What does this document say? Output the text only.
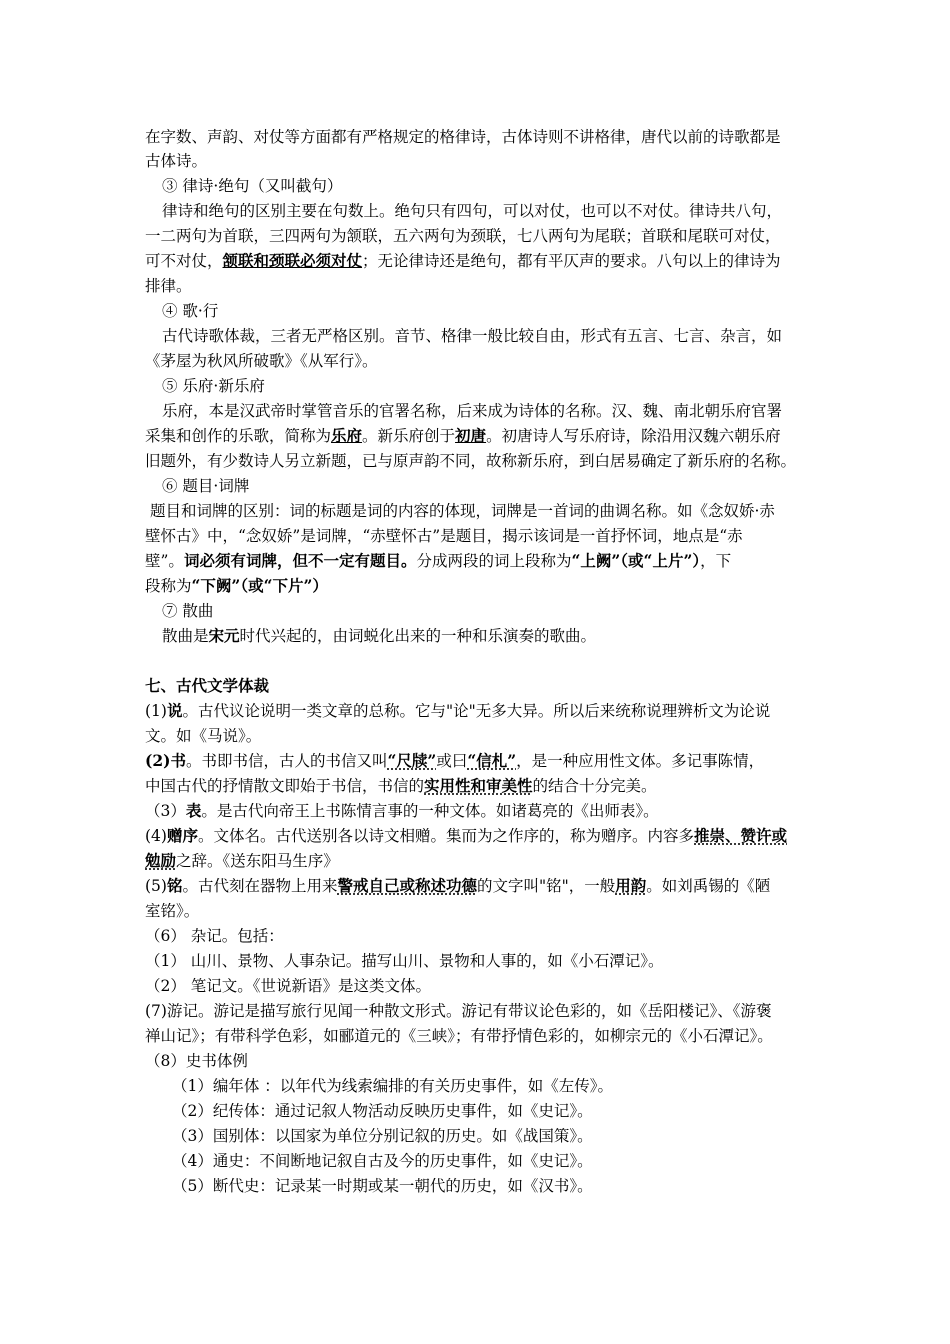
在字数、声韵、对仗等方面都有严格规定的格律诗，古体诗则不讲格律，唐代以前的诗歌都是
古体诗。
③ 律诗·绝句（又叫截句）
律诗和绝句的区别主要在句数上。绝句只有四句，可以对仗，也可以不对仗。律诗共八句，
一二两句为首联，三四两句为颔联，五六两句为颈联，七八两句为尾联；首联和尾联可对仗，
可不对仗，颔联和颈联必须对仗；无论律诗还是绝句，都有平仄声的要求。八句以上的律诗为
排律。
④ 歌·行
古代诗歌体裁，三者无严格区别。音节、格律一般比较自由，形式有五言、七言、杂言，如
《茅屋为秋风所破歌》《从军行》。
⑤ 乐府·新乐府
乐府，本是汉武帝时掌管音乐的官署名称，后来成为诗体的名称。汉、魏、南北朝乐府官署
采集和创作的乐歌，简称为乐府。新乐府创于初唐。初唐诗人写乐府诗，除沿用汉魏六朝乐府
旧题外，有少数诗人另立新题，已与原声韵不同，故称新乐府，到白居易确定了新乐府的名称。
⑥ 题目·词牌
题目和词牌的区别：词的标题是词的内容的体现，词牌是一首词的曲调名称。如《念奴娇·赤
壁怀古》中，“念奴娇”是词牌，“赤壁怀古”是题目，揭示该词是一首抒怀词，地点是“赤
壁”。词必须有词牌，但不一定有题目。分成两段的词上段称为“上阙”（或“上片”），下
段称为“下阙”（或“下片”）
⑦ 散曲
散曲是宋元时代兴起的，由词蜕化出来的一种和乐演奏的歌曲。
七、古代文学体裁
(1)说。古代议论说明一类文章的总称。它与"论"无多大异。所以后来统称说理辨析文为论说
文。如《马说》。
(2)书。书即书信，古人的书信又叫“尺牍”或曰“信札”，是一种应用性文体。多记事陈情，
中国古代的抒情散文即始于书信，书信的实用性和审美性的结合十分完美。
（3）表。是古代向帝王上书陈情言事的一种文体。如诸葛亮的《出师表》。
(4)赠序。文体名。古代送别各以诗文相赠。集而为之作序的，称为赠序。内容多推崇、赞许或
勉励之辞。《送东阳马生序》
(5)铭。古代刻在器物上用来警戒自己或称述功德的文字叫"铭"，一般用韵。如刘禹锡的《陋
室铭》。
（6） 杂记。包括：
（1） 山川、景物、人事杂记。描写山川、景物和人事的，如《小石潭记》。
（2） 笔记文。《世说新语》是这类文体。
(7)游记。游记是描写旅行见闻一种散文形式。游记有带议论色彩的，如《岳阳楼记》、《游褒
禅山记》；有带科学色彩，如郦道元的《三峡》；有带抒情色彩的，如柳宗元的《小石潭记》。
（8）史书体例
（1）编年体 ：以年代为线索编排的有关历史事件，如《左传》。
（2）纪传体：通过记叙人物活动反映历史事件，如《史记》。
（3）国别体：以国家为单位分别记叙的历史。如《战国策》。
（4）通史：不间断地记叙自古及今的历史事件，如《史记》。
（5）断代史：记录某一时期或某一朝代的历史，如《汉书》。
